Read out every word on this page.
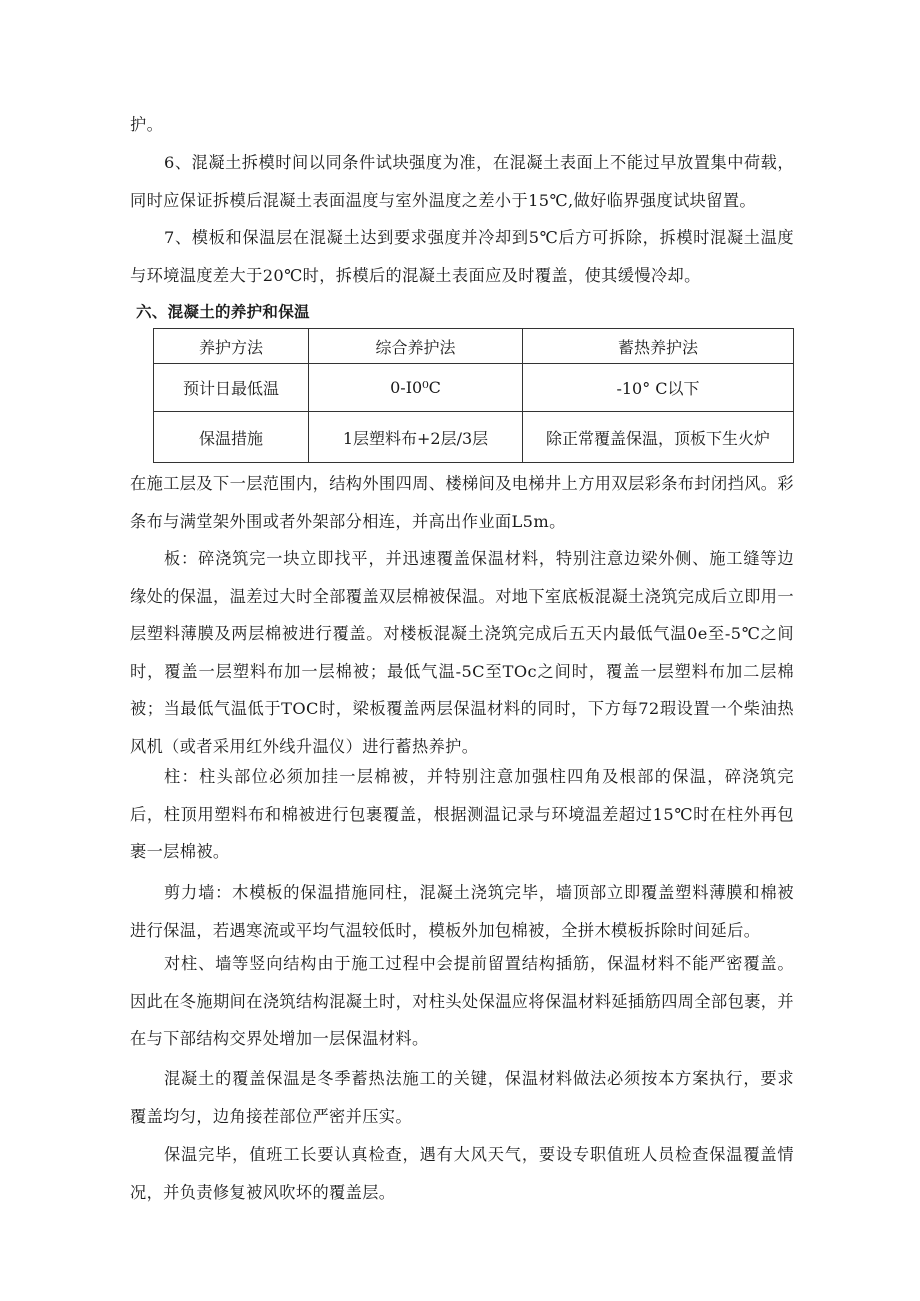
护。

6、混凝土拆模时间以同条件试块强度为准，在混凝土表面上不能过早放置集中荷载，同时应保证拆模后混凝土表面温度与室外温度之差小于15℃,做好临界强度试块留置。

7、模板和保温层在混凝土达到要求强度并冷却到5℃后方可拆除，拆模时混凝土温度与环境温度差大于20℃时，拆模后的混凝土表面应及时覆盖，使其缓慢冷却。

六、混凝土的养护和保温
养护方法	综合养护法	蓄热养护法
预计日最低温	0-I0⁰C	-10° C以下
保温措施	1层塑料布+2层/3层	除正常覆盖保温，顶板下生火炉

在施工层及下一层范围内，结构外围四周、楼梯间及电梯井上方用双层彩条布封闭挡风。彩条布与满堂架外围或者外架部分相连，并高出作业面L5m。

板：碎浇筑完一块立即找平，并迅速覆盖保温材料，特别注意边梁外侧、施工缝等边缘处的保温，温差过大时全部覆盖双层棉被保温。对地下室底板混凝土浇筑完成后立即用一层塑料薄膜及两层棉被进行覆盖。对楼板混凝土浇筑完成后五天内最低气温0e至-5℃之间时，覆盖一层塑料布加一层棉被；最低气温-5C至TOc之间时，覆盖一层塑料布加二层棉被；当最低气温低于TOC时，梁板覆盖两层保温材料的同时，下方每72瑕设置一个柴油热风机（或者采用红外线升温仪）进行蓄热养护。

柱：柱头部位必须加挂一层棉被，并特别注意加强柱四角及根部的保温，碎浇筑完后，柱顶用塑料布和棉被进行包裹覆盖，根据测温记录与环境温差超过15℃时在柱外再包裹一层棉被。

剪力墙：木模板的保温措施同柱，混凝土浇筑完毕，墙顶部立即覆盖塑料薄膜和棉被进行保温，若遇寒流或平均气温较低时，模板外加包棉被，全拼木模板拆除时间延后。

对柱、墙等竖向结构由于施工过程中会提前留置结构插筋，保温材料不能严密覆盖。因此在冬施期间在浇筑结构混凝土时，对柱头处保温应将保温材料延插筋四周全部包裹，并在与下部结构交界处增加一层保温材料。

混凝土的覆盖保温是冬季蓄热法施工的关键，保温材料做法必须按本方案执行，要求覆盖均匀，边角接茬部位严密并压实。

保温完毕，值班工长要认真检查，遇有大风天气，要设专职值班人员检查保温覆盖情况，并负责修复被风吹坏的覆盖层。
